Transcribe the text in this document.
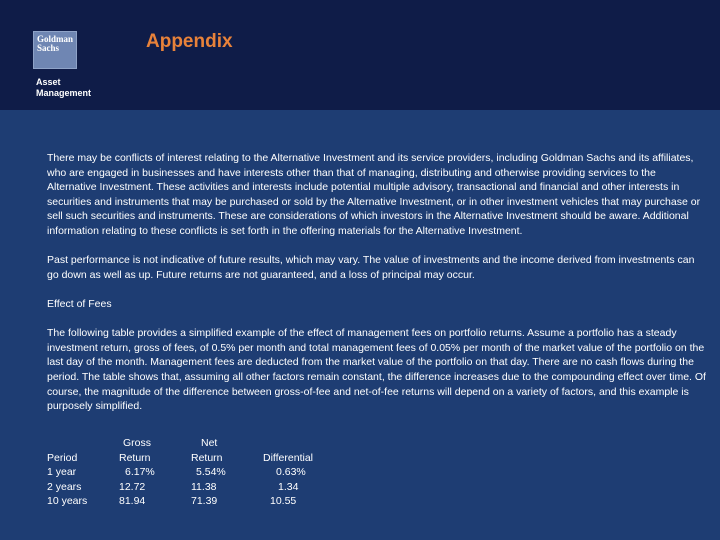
Goldman
Sachs
Asset
Management
Appendix

There may be conflicts of interest relating to the Alternative Investment and its service providers, including Goldman Sachs and its affiliates, who are engaged in businesses and have interests other than that of managing, distributing and otherwise providing services to the Alternative Investment. These activities and interests include potential multiple advisory, transactional and financial and other interests in securities and instruments that may be purchased or sold by the Alternative Investment, or in other investment vehicles that may purchase or sell such securities and instruments. These are considerations of which investors in the Alternative Investment should be aware. Additional information relating to these conflicts is set forth in the offering materials for the Alternative Investment.

Past performance is not indicative of future results, which may vary. The value of investments and the income derived from investments can go down as well as up. Future returns are not guaranteed, and a loss of principal may occur.

Effect of Fees

The following table provides a simplified example of the effect of management fees on portfolio returns. Assume a portfolio has a steady investment return, gross of fees, of 0.5% per month and total management fees of 0.05% per month of the market value of the portfolio on the last day of the month. Management fees are deducted from the market value of the portfolio on that day. There are no cash flows during the period. The table shows that, assuming all other factors remain constant, the difference increases due to the compounding effect over time. Of course, the magnitude of the difference between gross-of-fee and net-of-fee returns will depend on a variety of factors, and this example is purposely simplified.

Period
1 year
2 years
10 years
Gross
Return
6.17%
12.72
81.94
Net
Return
5.54%
11.38
71.39
Differential
0.63%
1.34
10.55
